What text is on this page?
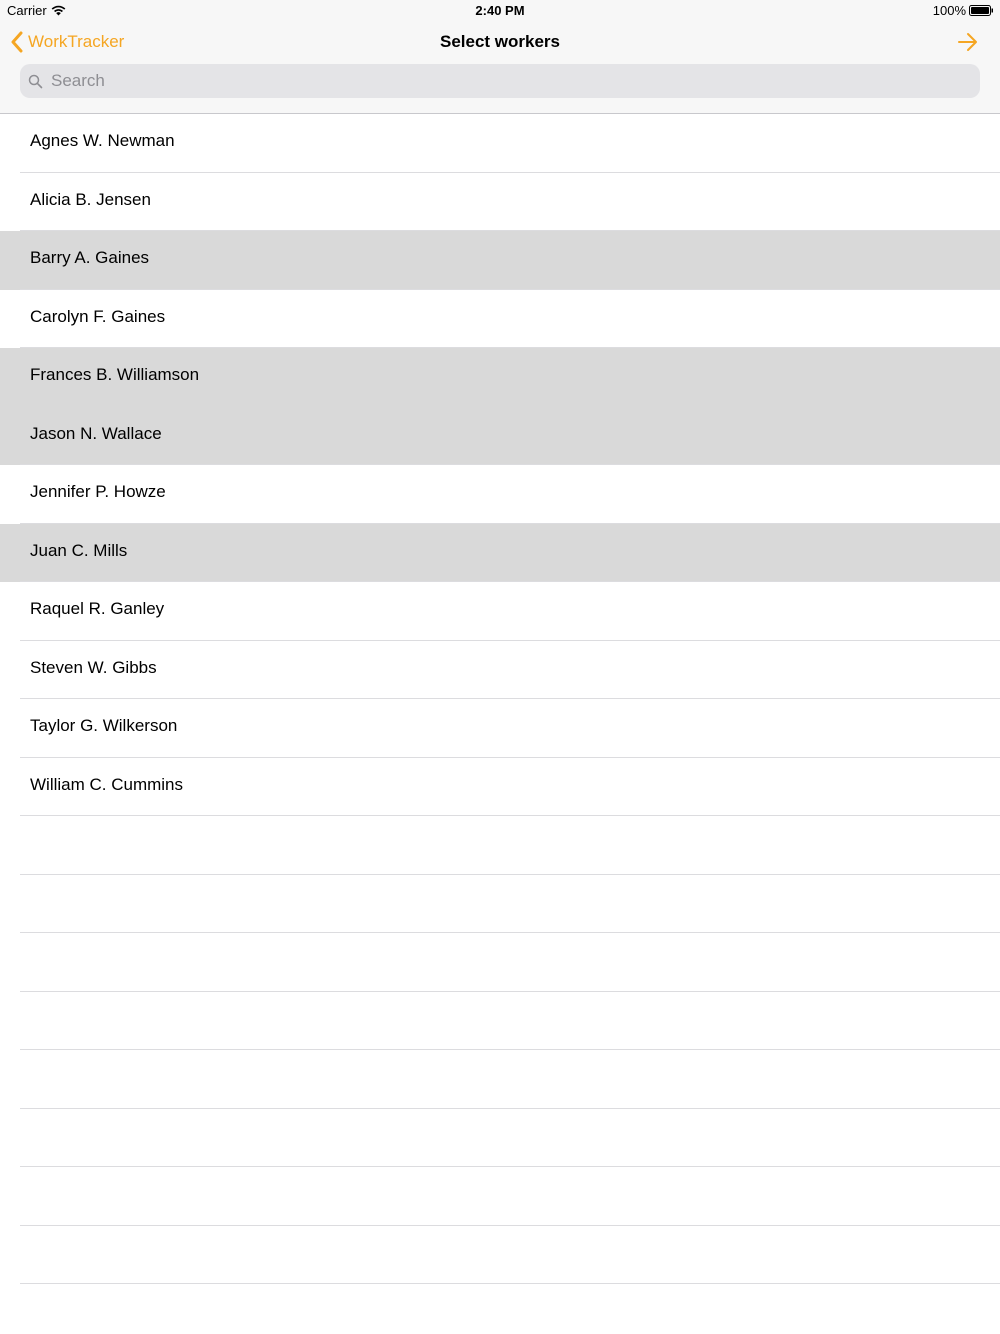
Carrier	2:40 PM	100%
WorkTracker	Select workers
Search
Agnes W. Newman
Alicia B. Jensen
Barry A. Gaines
Carolyn F. Gaines
Frances B. Williamson
Jason N. Wallace
Jennifer P. Howze
Juan C. Mills
Raquel R. Ganley
Steven W. Gibbs
Taylor G. Wilkerson
William C. Cummins
